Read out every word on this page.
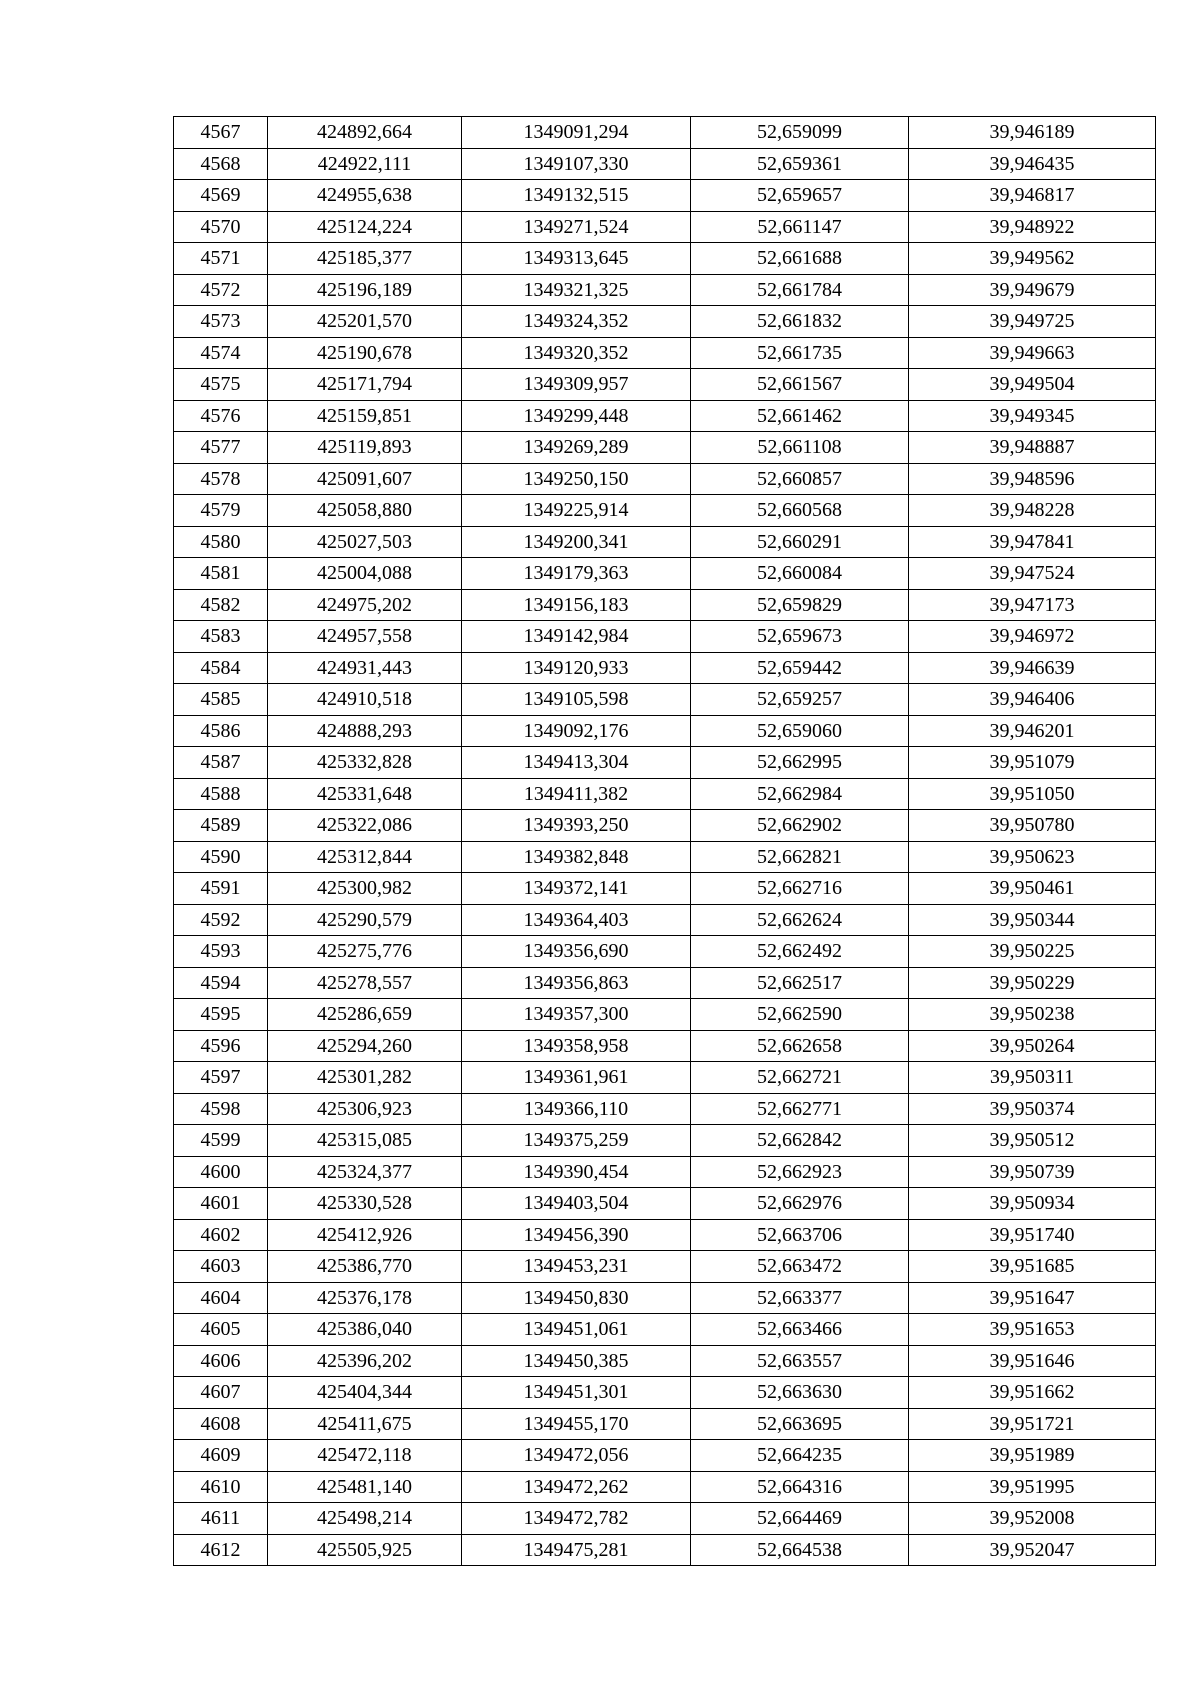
4567	424892,664	1349091,294	52,659099	39,946189
4568	424922,111	1349107,330	52,659361	39,946435
4569	424955,638	1349132,515	52,659657	39,946817
4570	425124,224	1349271,524	52,661147	39,948922
4571	425185,377	1349313,645	52,661688	39,949562
4572	425196,189	1349321,325	52,661784	39,949679
4573	425201,570	1349324,352	52,661832	39,949725
4574	425190,678	1349320,352	52,661735	39,949663
4575	425171,794	1349309,957	52,661567	39,949504
4576	425159,851	1349299,448	52,661462	39,949345
4577	425119,893	1349269,289	52,661108	39,948887
4578	425091,607	1349250,150	52,660857	39,948596
4579	425058,880	1349225,914	52,660568	39,948228
4580	425027,503	1349200,341	52,660291	39,947841
4581	425004,088	1349179,363	52,660084	39,947524
4582	424975,202	1349156,183	52,659829	39,947173
4583	424957,558	1349142,984	52,659673	39,946972
4584	424931,443	1349120,933	52,659442	39,946639
4585	424910,518	1349105,598	52,659257	39,946406
4586	424888,293	1349092,176	52,659060	39,946201
4587	425332,828	1349413,304	52,662995	39,951079
4588	425331,648	1349411,382	52,662984	39,951050
4589	425322,086	1349393,250	52,662902	39,950780
4590	425312,844	1349382,848	52,662821	39,950623
4591	425300,982	1349372,141	52,662716	39,950461
4592	425290,579	1349364,403	52,662624	39,950344
4593	425275,776	1349356,690	52,662492	39,950225
4594	425278,557	1349356,863	52,662517	39,950229
4595	425286,659	1349357,300	52,662590	39,950238
4596	425294,260	1349358,958	52,662658	39,950264
4597	425301,282	1349361,961	52,662721	39,950311
4598	425306,923	1349366,110	52,662771	39,950374
4599	425315,085	1349375,259	52,662842	39,950512
4600	425324,377	1349390,454	52,662923	39,950739
4601	425330,528	1349403,504	52,662976	39,950934
4602	425412,926	1349456,390	52,663706	39,951740
4603	425386,770	1349453,231	52,663472	39,951685
4604	425376,178	1349450,830	52,663377	39,951647
4605	425386,040	1349451,061	52,663466	39,951653
4606	425396,202	1349450,385	52,663557	39,951646
4607	425404,344	1349451,301	52,663630	39,951662
4608	425411,675	1349455,170	52,663695	39,951721
4609	425472,118	1349472,056	52,664235	39,951989
4610	425481,140	1349472,262	52,664316	39,951995
4611	425498,214	1349472,782	52,664469	39,952008
4612	425505,925	1349475,281	52,664538	39,952047
